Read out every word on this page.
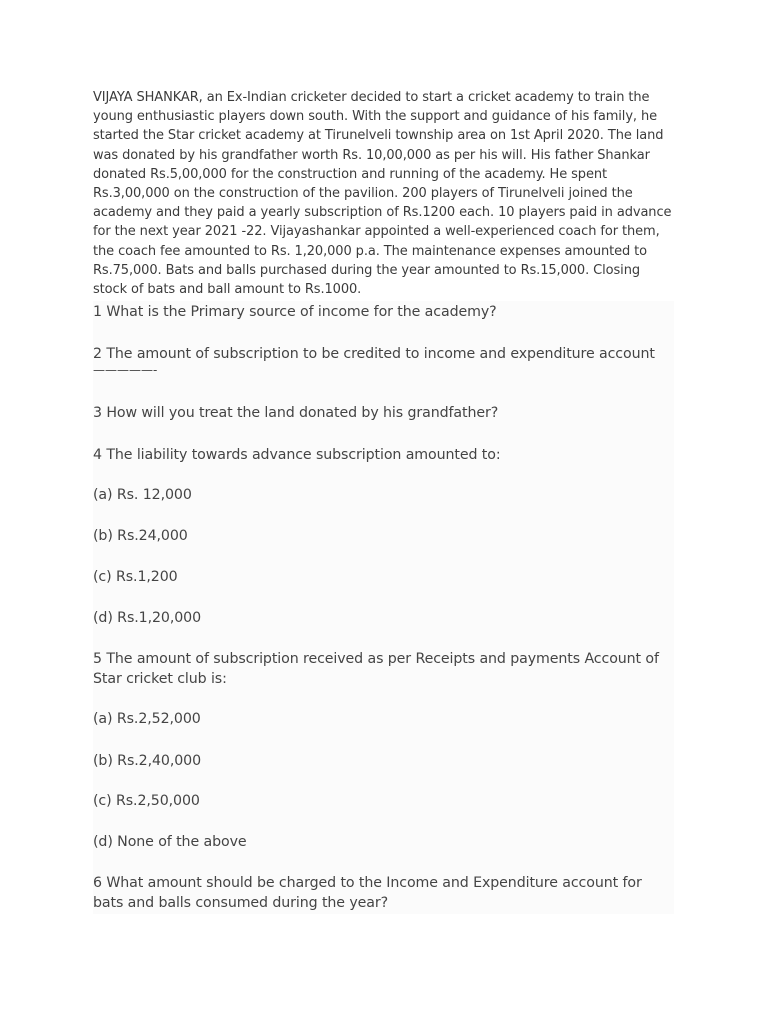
VIJAYA SHANKAR, an Ex-Indian cricketer decided to start a cricket academy to train the young enthusiastic players down south. With the support and guidance of his family, he started the Star cricket academy at Tirunelveli township area on 1st April 2020. The land was donated by his grandfather worth Rs. 10,00,000 as per his will. His father Shankar donated Rs.5,00,000 for the construction and running of the academy. He spent Rs.3,00,000 on the construction of the pavilion. 200 players of Tirunelveli joined the academy and they paid a yearly subscription of Rs.1200 each. 10 players paid in advance for the next year 2021 -22. Vijayashankar appointed a well-experienced coach for them, the coach fee amounted to Rs. 1,20,000 p.a. The maintenance expenses amounted to Rs.75,000. Bats and balls purchased during the year amounted to Rs.15,000. Closing stock of bats and ball amount to Rs.1000.

1 What is the Primary source of income for the academy?

2 The amount of subscription to be credited to income and expenditure account

—————-

3 How will you treat the land donated by his grandfather?

4 The liability towards advance subscription amounted to:

(a) Rs. 12,000

(b) Rs.24,000

(c) Rs.1,200

(d) Rs.1,20,000

5 The amount of subscription received as per Receipts and payments Account of Star cricket club is:

(a) Rs.2,52,000

(b) Rs.2,40,000

(c) Rs.2,50,000

(d) None of the above

6 What amount should be charged to the Income and Expenditure account for bats and balls consumed during the year?
